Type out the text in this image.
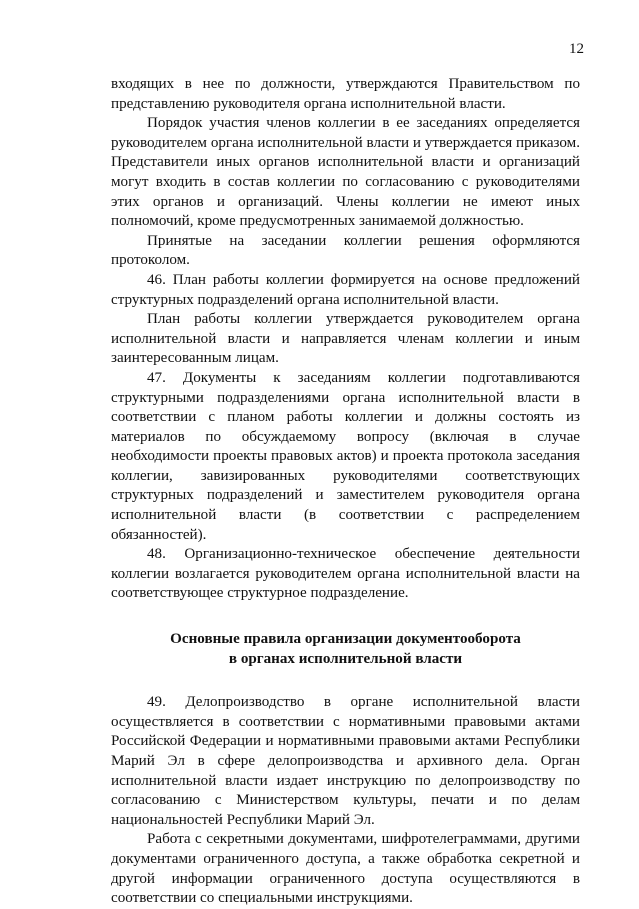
12

входящих в нее по должности, утверждаются Правительством по представлению руководителя органа исполнительной власти.

Порядок участия членов коллегии в ее заседаниях определяется руководителем органа исполнительной власти и утверждается приказом. Представители иных органов исполнительной власти и организаций могут входить в состав коллегии по согласованию с руководителями этих органов и организаций. Члены коллегии не имеют иных полномочий, кроме предусмотренных занимаемой должностью.

Принятые на заседании коллегии решения оформляются протоколом.

46. План работы коллегии формируется на основе предложений структурных подразделений органа исполнительной власти.

План работы коллегии утверждается руководителем органа исполнительной власти и направляется членам коллегии и иным заинтересованным лицам.

47. Документы к заседаниям коллегии подготавливаются структурными подразделениями органа исполнительной власти в соответствии с планом работы коллегии и должны состоять из материалов по обсуждаемому вопросу (включая в случае необходимости проекты правовых актов) и проекта протокола заседания коллегии, завизированных руководителями соответствующих структурных подразделений и заместителем руководителя органа исполнительной власти (в соответствии с распределением обязанностей).

48. Организационно-техническое обеспечение деятельности коллегии возлагается руководителем органа исполнительной власти на соответствующее структурное подразделение.

Основные правила организации документооборота
в органах исполнительной власти

49. Делопроизводство в органе исполнительной власти осуществляется в соответствии с нормативными правовыми актами Российской Федерации и нормативными правовыми актами Республики Марий Эл в сфере делопроизводства и архивного дела. Орган исполнительной власти издает инструкцию по делопроизводству по согласованию с Министерством культуры, печати и по делам национальностей Республики Марий Эл.

Работа с секретными документами, шифротелеграммами, другими документами ограниченного доступа, а также обработка секретной и другой информации ограниченного доступа осуществляются в соответствии со специальными инструкциями.
